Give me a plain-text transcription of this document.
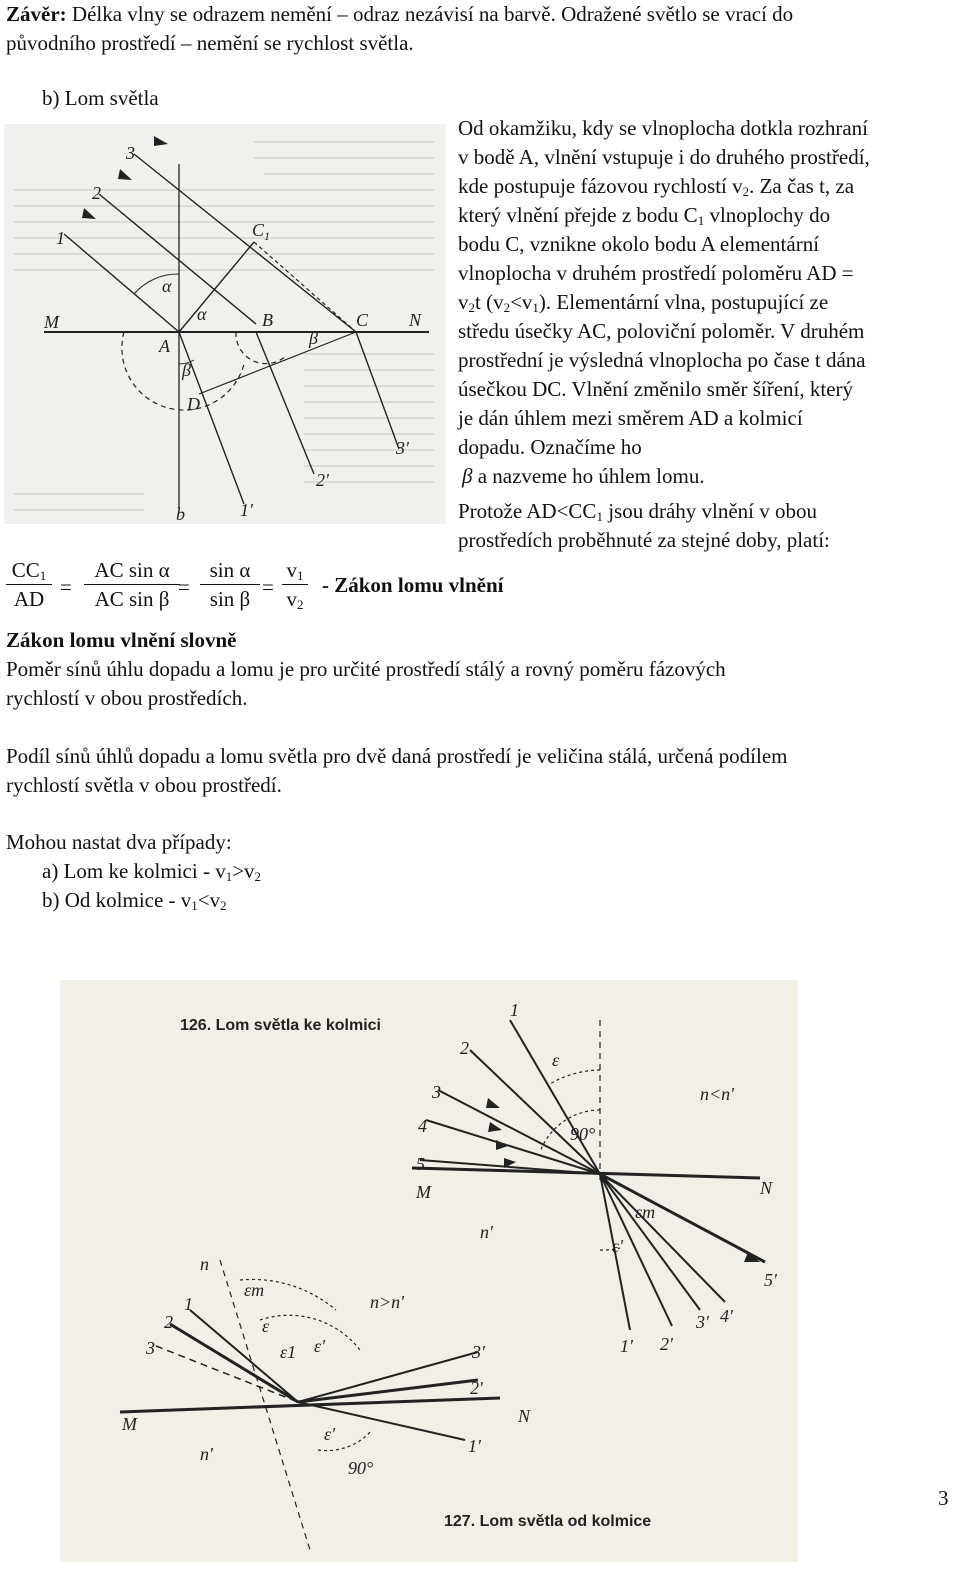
Závěr: Délka vlny se odrazem nemění – odraz nezávisí na barvě. Odražené světlo se vrací do
původního prostředí – nemění se rychlost světla.
b) Lom světla
M	N
A
B	C
$C_1$
D
1
2
3
1'
2'
3'
α
α
β
β
b
Od okamžiku, kdy se vlnoplocha dotkla rozhraní
v bodě A, vlnění vstupuje i do druhého prostředí,
kde postupuje fázovou rychlostí $v_2$. Za čas t, za
který vlnění přejde z bodu $C_1$ vlnoplochy do
bodu C, vznikne okolo bodu A elementární
vlnoplocha v druhém prostředí poloměru AD =
$v_2t$ $(v_2<v_1)$. Elementární vlna, postupující ze
středu úsečky AC, poloviční poloměr. V druhém
prostřední je výsledná vlnoplocha po čase t dána
úsečkou DC. Vlnění změnilo směr šíření, který
je dán úhlem mezi směrem AD a kolmicí
dopadu. Označíme ho
β a nazveme ho úhlem lomu.
Protože $AD<CC_1$ jsou dráhy vlnění v obou
prostředích proběhnuté za stejné doby, platí:
$\frac{CC_1}{AD} = \frac{\text{AC sin α}}{\text{AC sin β}}$
= $\frac{\text{sin α}}{\text{sin β}} = \frac{v_1}{v_2}$ - Zákon lomu vlnění
Zákon lomu vlnění slovně
Poměr sínů úhlu dopadu a lomu je pro určité prostředí stálý a rovný poměru fázových
rychlostí v obou prostředích.
Podíl sínů úhlů dopadu a lomu světla pro dvě daná prostředí je veličina stálá, určená podílem
rychlostí světla v obou prostředí.
Mohou nastat dva případy:
a) Lom ke kolmici - $v_1>v_2$
b) Od kolmice - $v_1<v_2$
126. Lom světla ke kolmici
1
2
3
4
5
M	N
n<n'
n'
ε
90°
εm
ε'
1' 2'
3' 4'
5'
n
n>n'
1
2
3
M	N
n'
εm
ε
ε1 ε'
ε'
90°
3'
2'
1'
127. Lom světla od kolmice
3
